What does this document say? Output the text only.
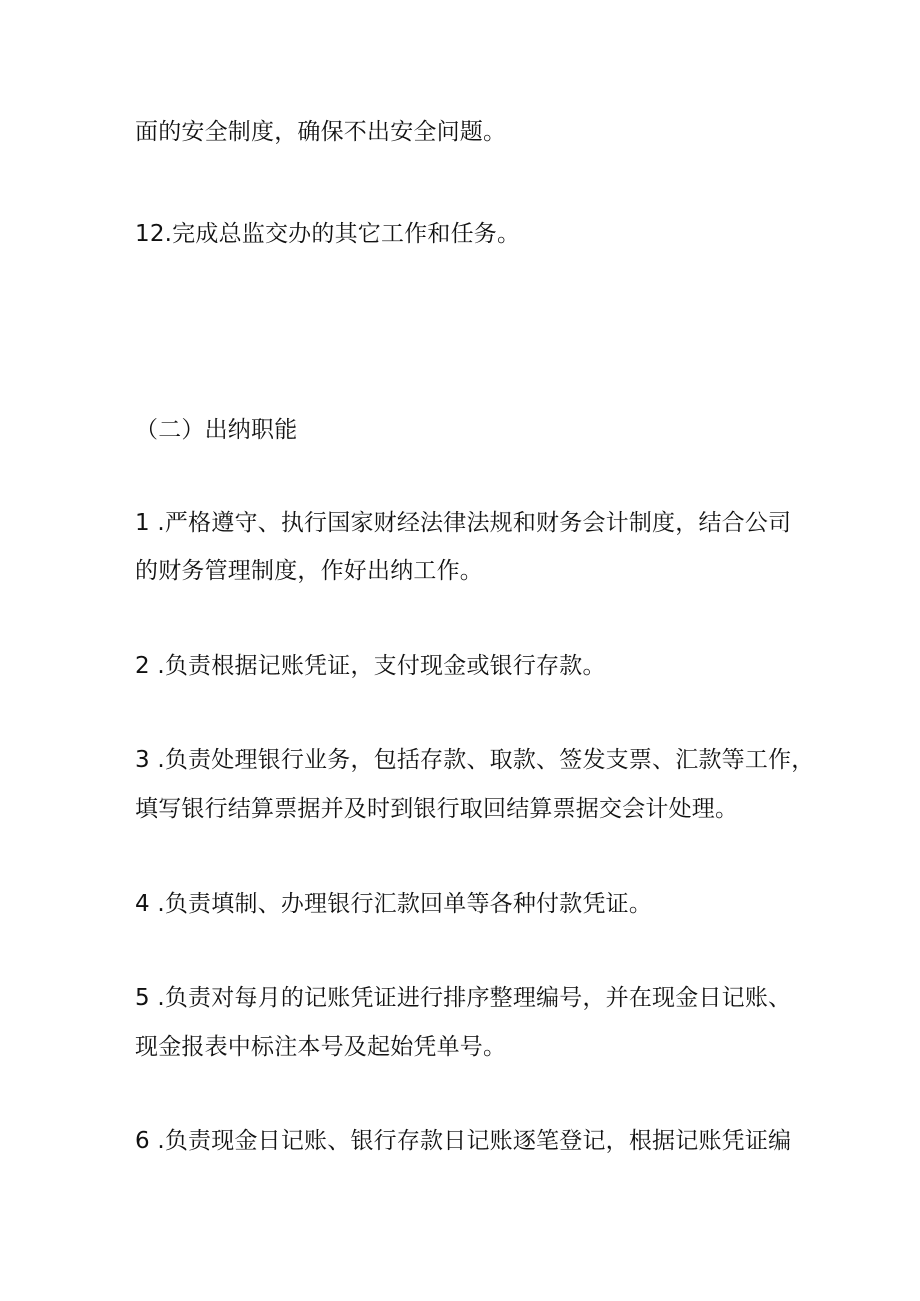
面的安全制度，确保不出安全问题。
12.完成总监交办的其它工作和任务。
（二）出纳职能
1 .严格遵守、执行国家财经法律法规和财务会计制度，结合公司
的财务管理制度，作好出纳工作。
2 .负责根据记账凭证，支付现金或银行存款。
3 .负责处理银行业务，包括存款、取款、签发支票、汇款等工作，
填写银行结算票据并及时到银行取回结算票据交会计处理。
4 .负责填制、办理银行汇款回单等各种付款凭证。
5 .负责对每月的记账凭证进行排序整理编号，并在现金日记账、
现金报表中标注本号及起始凭单号。
6 .负责现金日记账、银行存款日记账逐笔登记，根据记账凭证编
